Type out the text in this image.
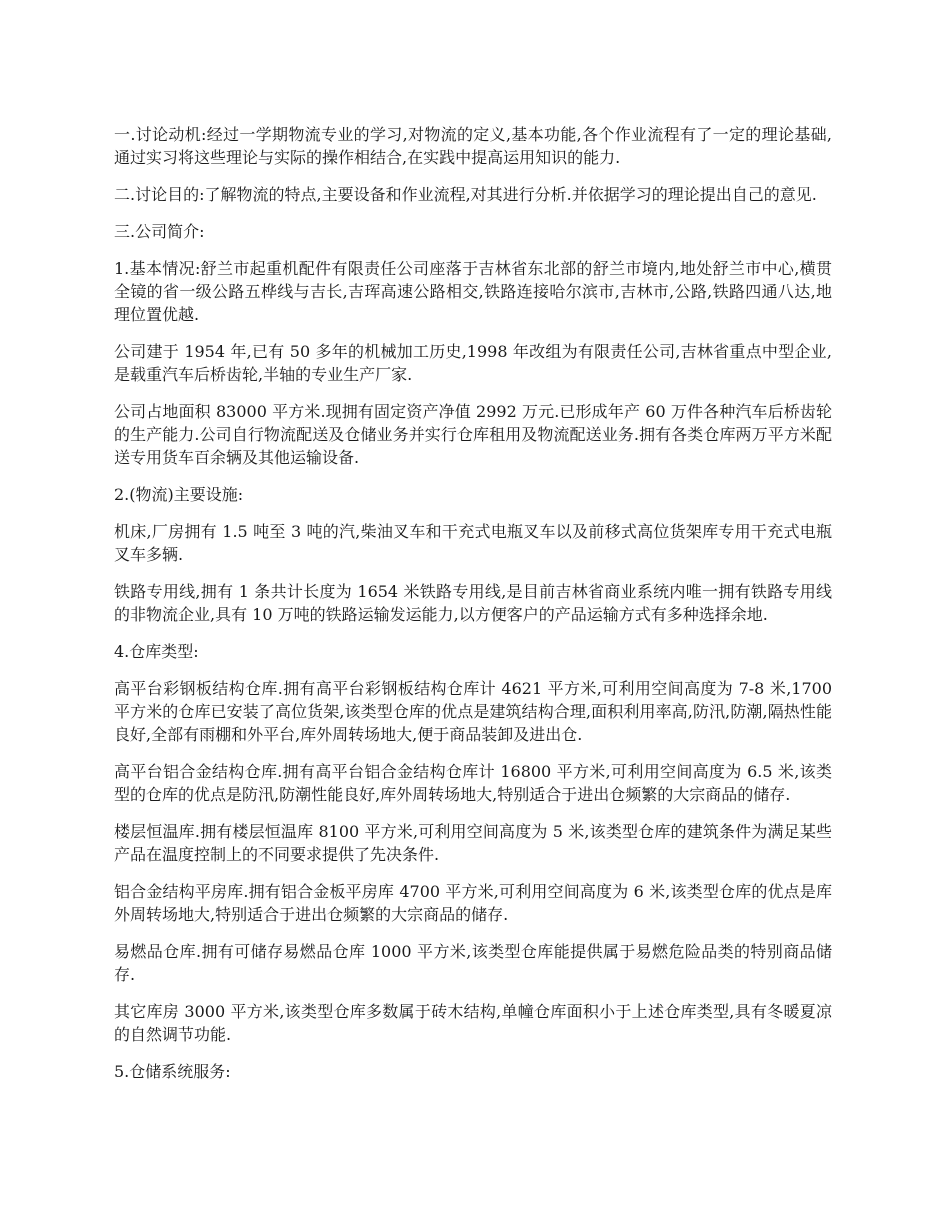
一.讨论动机:经过一学期物流专业的学习,对物流的定义,基本功能,各个作业流程有了一定的理论基础,通过实习将这些理论与实际的操作相结合,在实践中提高运用知识的能力.

二.讨论目的:了解物流的特点,主要设备和作业流程,对其进行分析.并依据学习的理论提出自己的意见.

三.公司简介:

1.基本情况:舒兰市起重机配件有限责任公司座落于吉林省东北部的舒兰市境内,地处舒兰市中心,横贯全镜的省一级公路五桦线与吉长,吉珲高速公路相交,铁路连接哈尔滨市,吉林市,公路,铁路四通八达,地理位置优越.

公司建于 1954 年,已有 50 多年的机械加工历史,1998 年改组为有限责任公司,吉林省重点中型企业,是载重汽车后桥齿轮,半轴的专业生产厂家.

公司占地面积 83000 平方米.现拥有固定资产净值 2992 万元.已形成年产 60 万件各种汽车后桥齿轮的生产能力.公司自行物流配送及仓储业务并实行仓库租用及物流配送业务.拥有各类仓库两万平方米配送专用货车百余辆及其他运输设备.

2.(物流)主要设施:

机床,厂房拥有 1.5 吨至 3 吨的汽,柴油叉车和干充式电瓶叉车以及前移式高位货架库专用干充式电瓶叉车多辆.

铁路专用线,拥有 1 条共计长度为 1654 米铁路专用线,是目前吉林省商业系统内唯一拥有铁路专用线的非物流企业,具有 10 万吨的铁路运输发运能力,以方便客户的产品运输方式有多种选择余地.

4.仓库类型:

高平台彩钢板结构仓库.拥有高平台彩钢板结构仓库计 4621 平方米,可利用空间高度为 7-8 米,1700 平方米的仓库已安装了高位货架,该类型仓库的优点是建筑结构合理,面积利用率高,防汛,防潮,隔热性能良好,全部有雨棚和外平台,库外周转场地大,便于商品装卸及进出仓.

高平台铝合金结构仓库.拥有高平台铝合金结构仓库计 16800 平方米,可利用空间高度为 6.5 米,该类型的仓库的优点是防汛,防潮性能良好,库外周转场地大,特别适合于进出仓频繁的大宗商品的储存.

楼层恒温库.拥有楼层恒温库 8100 平方米,可利用空间高度为 5 米,该类型仓库的建筑条件为满足某些产品在温度控制上的不同要求提供了先决条件.

铝合金结构平房库.拥有铝合金板平房库 4700 平方米,可利用空间高度为 6 米,该类型仓库的优点是库外周转场地大,特别适合于进出仓频繁的大宗商品的储存.

易燃品仓库.拥有可储存易燃品仓库 1000 平方米,该类型仓库能提供属于易燃危险品类的特别商品储存.

其它库房 3000 平方米,该类型仓库多数属于砖木结构,单幢仓库面积小于上述仓库类型,具有冬暖夏凉的自然调节功能.

5.仓储系统服务:
